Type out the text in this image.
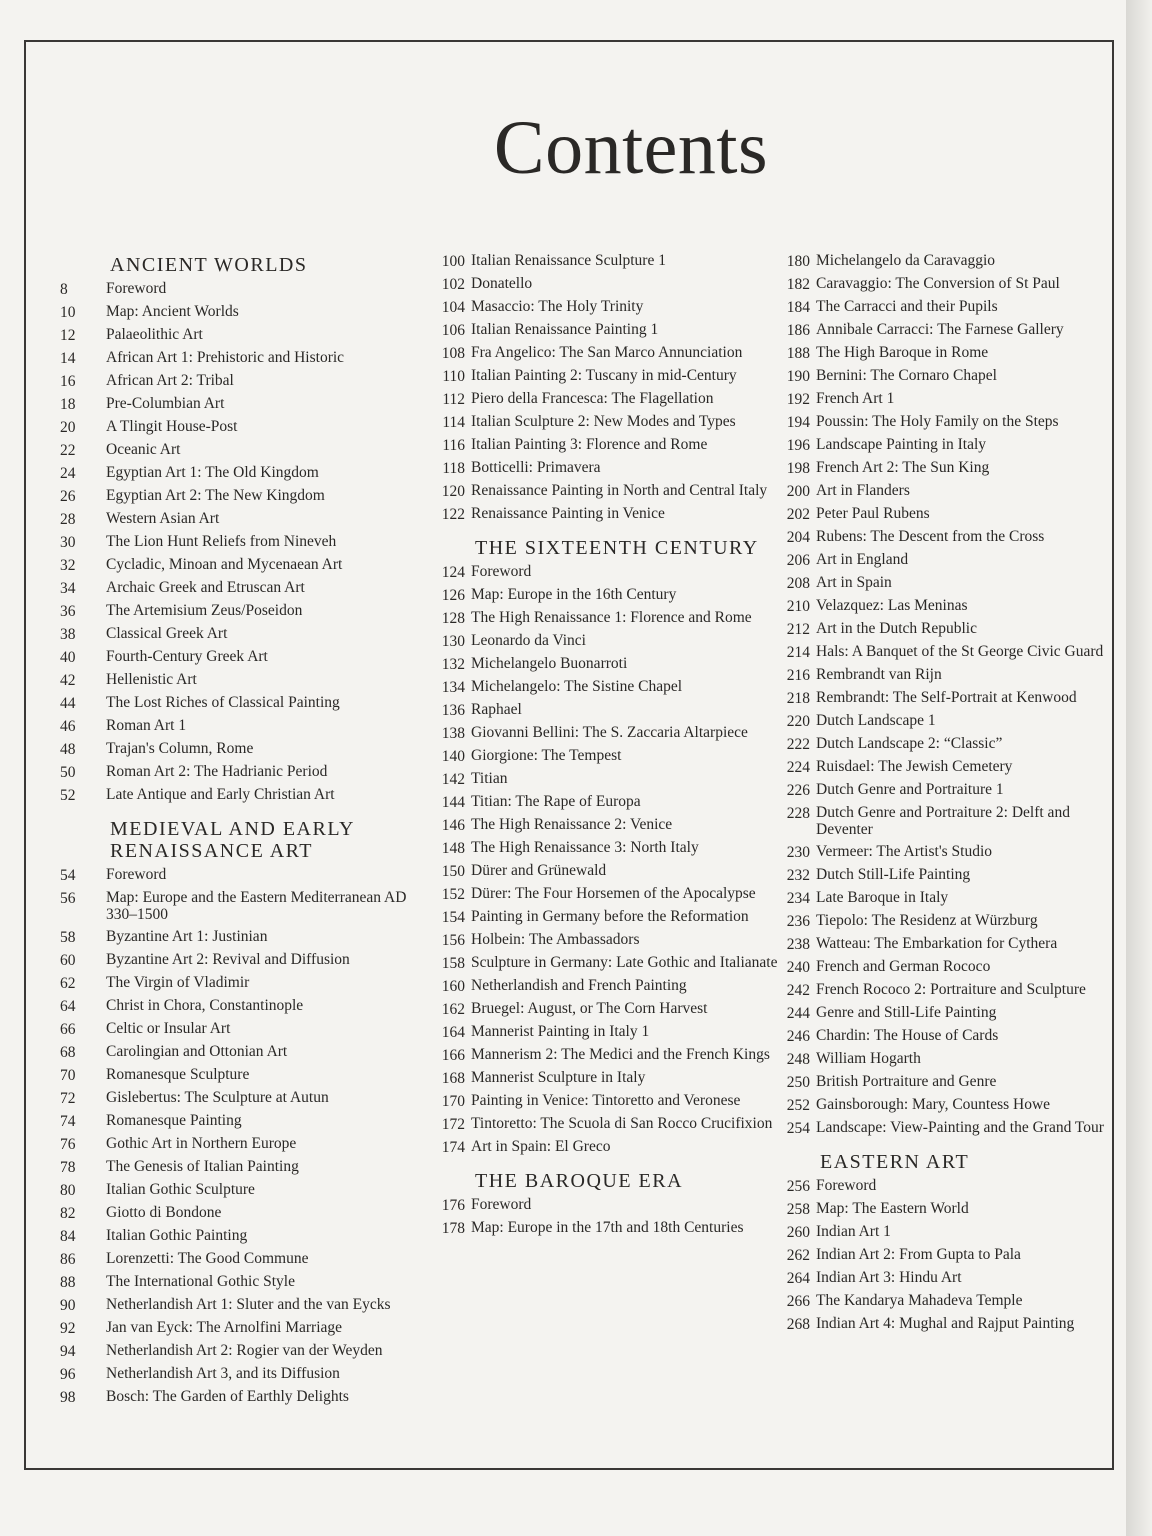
Contents
ANCIENT WORLDS
8	Foreword
10	Map: Ancient Worlds
12	Palaeolithic Art
14	African Art 1: Prehistoric and Historic
16	African Art 2: Tribal
18	Pre-Columbian Art
20	A Tlingit House-Post
22	Oceanic Art
24	Egyptian Art 1: The Old Kingdom
26	Egyptian Art 2: The New Kingdom
28	Western Asian Art
30	The Lion Hunt Reliefs from Nineveh
32	Cycladic, Minoan and Mycenaean Art
34	Archaic Greek and Etruscan Art
36	The Artemisium Zeus/Poseidon
38	Classical Greek Art
40	Fourth-Century Greek Art
42	Hellenistic Art
44	The Lost Riches of Classical Painting
46	Roman Art 1
48	Trajan's Column, Rome
50	Roman Art 2: The Hadrianic Period
52	Late Antique and Early Christian Art
MEDIEVAL AND EARLY RENAISSANCE ART
54	Foreword
56	Map: Europe and the Eastern Mediterranean AD 330–1500
58	Byzantine Art 1: Justinian
60	Byzantine Art 2: Revival and Diffusion
62	The Virgin of Vladimir
64	Christ in Chora, Constantinople
66	Celtic or Insular Art
68	Carolingian and Ottonian Art
70	Romanesque Sculpture
72	Gislebertus: The Sculpture at Autun
74	Romanesque Painting
76	Gothic Art in Northern Europe
78	The Genesis of Italian Painting
80	Italian Gothic Sculpture
82	Giotto di Bondone
84	Italian Gothic Painting
86	Lorenzetti: The Good Commune
88	The International Gothic Style
90	Netherlandish Art 1: Sluter and the van Eycks
92	Jan van Eyck: The Arnolfini Marriage
94	Netherlandish Art 2: Rogier van der Weyden
96	Netherlandish Art 3, and its Diffusion
98	Bosch: The Garden of Earthly Delights
100 Italian Renaissance Sculpture 1
102 Donatello
104 Masaccio: The Holy Trinity
106 Italian Renaissance Painting 1
108 Fra Angelico: The San Marco Annunciation
110 Italian Painting 2: Tuscany in mid-Century
112 Piero della Francesca: The Flagellation
114 Italian Sculpture 2: New Modes and Types
116 Italian Painting 3: Florence and Rome
118 Botticelli: Primavera
120 Renaissance Painting in North and Central Italy
122 Renaissance Painting in Venice
THE SIXTEENTH CENTURY
124 Foreword
126 Map: Europe in the 16th Century
128 The High Renaissance 1: Florence and Rome
130 Leonardo da Vinci
132 Michelangelo Buonarroti
134 Michelangelo: The Sistine Chapel
136 Raphael
138 Giovanni Bellini: The S. Zaccaria Altarpiece
140 Giorgione: The Tempest
142 Titian
144 Titian: The Rape of Europa
146 The High Renaissance 2: Venice
148 The High Renaissance 3: North Italy
150 Dürer and Grünewald
152 Dürer: The Four Horsemen of the Apocalypse
154 Painting in Germany before the Reformation
156 Holbein: The Ambassadors
158 Sculpture in Germany: Late Gothic and Italianate
160 Netherlandish and French Painting
162 Bruegel: August, or The Corn Harvest
164 Mannerist Painting in Italy 1
166 Mannerism 2: The Medici and the French Kings
168 Mannerist Sculpture in Italy
170 Painting in Venice: Tintoretto and Veronese
172 Tintoretto: The Scuola di San Rocco Crucifixion
174 Art in Spain: El Greco
THE BAROQUE ERA
176 Foreword
178 Map: Europe in the 17th and 18th Centuries
180 Michelangelo da Caravaggio
182 Caravaggio: The Conversion of St Paul
184 The Carracci and their Pupils
186 Annibale Carracci: The Farnese Gallery
188 The High Baroque in Rome
190 Bernini: The Cornaro Chapel
192 French Art 1
194 Poussin: The Holy Family on the Steps
196 Landscape Painting in Italy
198 French Art 2: The Sun King
200 Art in Flanders
202 Peter Paul Rubens
204 Rubens: The Descent from the Cross
206 Art in England
208 Art in Spain
210 Velazquez: Las Meninas
212 Art in the Dutch Republic
214 Hals: A Banquet of the St George Civic Guard
216 Rembrandt van Rijn
218 Rembrandt: The Self-Portrait at Kenwood
220 Dutch Landscape 1
222 Dutch Landscape 2: “Classic”
224 Ruisdael: The Jewish Cemetery
226 Dutch Genre and Portraiture 1
228 Dutch Genre and Portraiture 2: Delft and Deventer
230 Vermeer: The Artist's Studio
232 Dutch Still-Life Painting
234 Late Baroque in Italy
236 Tiepolo: The Residenz at Würzburg
238 Watteau: The Embarkation for Cythera
240 French and German Rococo
242 French Rococo 2: Portraiture and Sculpture
244 Genre and Still-Life Painting
246 Chardin: The House of Cards
248 William Hogarth
250 British Portraiture and Genre
252 Gainsborough: Mary, Countess Howe
254 Landscape: View-Painting and the Grand Tour
EASTERN ART
256 Foreword
258 Map: The Eastern World
260 Indian Art 1
262 Indian Art 2: From Gupta to Pala
264 Indian Art 3: Hindu Art
266 The Kandarya Mahadeva Temple
268 Indian Art 4: Mughal and Rajput Painting
